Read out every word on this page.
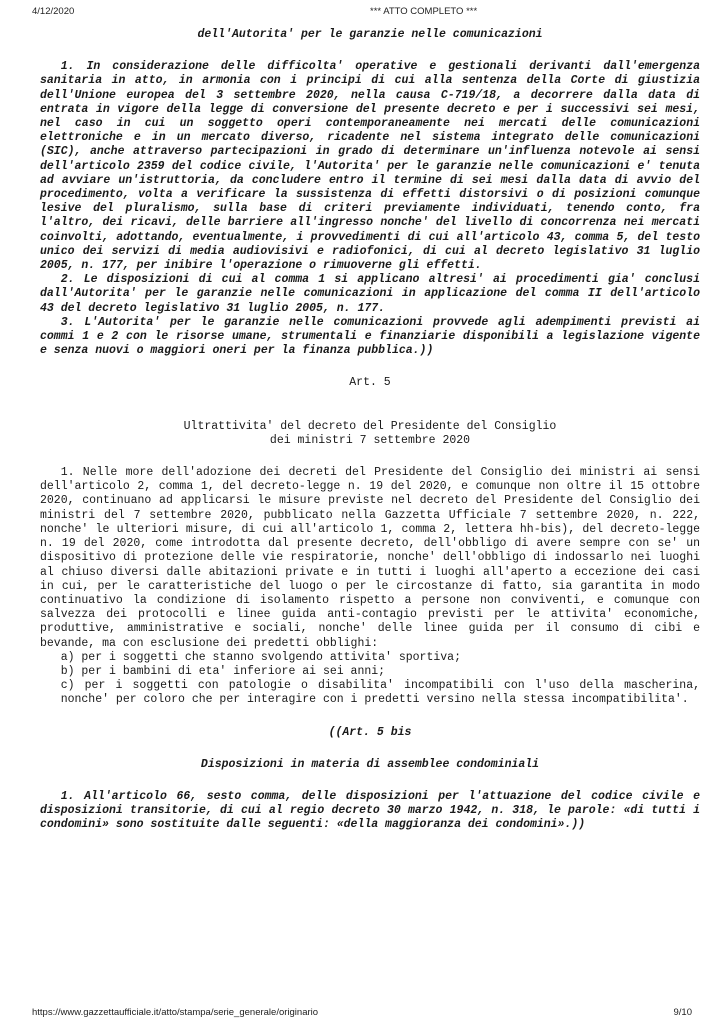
4/12/2020	*** ATTO COMPLETO ***

dell'Autorita' per le garanzie nelle comunicazioni

1. In considerazione delle difficolta' operative e gestionali derivanti dall'emergenza sanitaria in atto, in armonia con i principi di cui alla sentenza della Corte di giustizia dell'Unione europea del 3 settembre 2020, nella causa C-719/18, a decorrere dalla data di entrata in vigore della legge di conversione del presente decreto e per i successivi sei mesi, nel caso in cui un soggetto operi contemporaneamente nei mercati delle comunicazioni elettroniche e in un mercato diverso, ricadente nel sistema integrato delle comunicazioni (SIC), anche attraverso partecipazioni in grado di determinare un'influenza notevole ai sensi dell'articolo 2359 del codice civile, l'Autorita' per le garanzie nelle comunicazioni e' tenuta ad avviare un'istruttoria, da concludere entro il termine di sei mesi dalla data di avvio del procedimento, volta a verificare la sussistenza di effetti distorsivi o di posizioni comunque lesive del pluralismo, sulla base di criteri previamente individuati, tenendo conto, fra l'altro, dei ricavi, delle barriere all'ingresso nonche' del livello di concorrenza nei mercati coinvolti, adottando, eventualmente, i provvedimenti di cui all'articolo 43, comma 5, del testo unico dei servizi di media audiovisivi e radiofonici, di cui al decreto legislativo 31 luglio 2005, n. 177, per inibire l'operazione o rimuoverne gli effetti.

2. Le disposizioni di cui al comma 1 si applicano altresi' ai procedimenti gia' conclusi dall'Autorita' per le garanzie nelle comunicazioni in applicazione del comma II dell'articolo 43 del decreto legislativo 31 luglio 2005, n. 177.

3. L'Autorita' per le garanzie nelle comunicazioni provvede agli adempimenti previsti ai commi 1 e 2 con le risorse umane, strumentali e finanziarie disponibili a legislazione vigente e senza nuovi o maggiori oneri per la finanza pubblica.))

Art. 5

Ultrattivita' del decreto del Presidente del Consiglio

dei ministri 7 settembre 2020

1. Nelle more dell'adozione dei decreti del Presidente del Consiglio dei ministri ai sensi dell'articolo 2, comma 1, del decreto-legge n. 19 del 2020, e comunque non oltre il 15 ottobre 2020, continuano ad applicarsi le misure previste nel decreto del Presidente del Consiglio dei ministri del 7 settembre 2020, pubblicato nella Gazzetta Ufficiale 7 settembre 2020, n. 222, nonche' le ulteriori misure, di cui all'articolo 1, comma 2, lettera hh-bis), del decreto-legge n. 19 del 2020, come introdotta dal presente decreto, dell'obbligo di avere sempre con se' un dispositivo di protezione delle vie respiratorie, nonche' dell'obbligo di indossarlo nei luoghi al chiuso diversi dalle abitazioni private e in tutti i luoghi all'aperto a eccezione dei casi in cui, per le caratteristiche del luogo o per le circostanze di fatto, sia garantita in modo continuativo la condizione di isolamento rispetto a persone non conviventi, e comunque con salvezza dei protocolli e linee guida anti-contagio previsti per le attivita' economiche, produttive, amministrative e sociali, nonche' delle linee guida per il consumo di cibi e bevande, ma con esclusione dei predetti obblighi:

a) per i soggetti che stanno svolgendo attivita' sportiva;

b) per i bambini di eta' inferiore ai sei anni;

c) per i soggetti con patologie o disabilita' incompatibili con l'uso della mascherina, nonche' per coloro che per interagire con i predetti versino nella stessa incompatibilita'.

((Art. 5 bis

Disposizioni in materia di assemblee condominiali

1. All'articolo 66, sesto comma, delle disposizioni per l'attuazione del codice civile e disposizioni transitorie, di cui al regio decreto 30 marzo 1942, n. 318, le parole: «di tutti i condomini» sono sostituite dalle seguenti: «della maggioranza dei condomini».))

https://www.gazzettaufficiale.it/atto/stampa/serie_generale/originario	9/10
